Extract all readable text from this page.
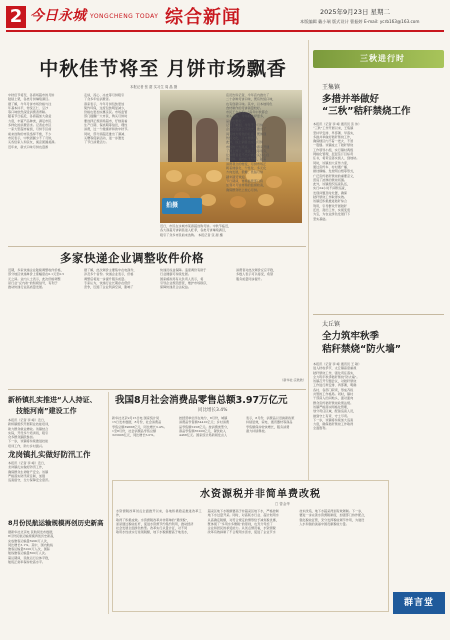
2 今日永城 YONGCHENG TODAY 综合新闻	2025年9月23日 星期二
本版编辑 戴小瑞 版式设计 曹振婷 E-mail: ycrb163@163.com
中秋佳节将至 月饼市场飘香
本报记者 张 甜 实习生 周 晶 摄
中秋佳节将至，各商场超市的月饼
陆续上架，各类月饼琳琅满目。
据了解，今年月饼市场价格与往
年基本持平，传统五仁、豆沙
等口味依然深受消费者青睐。
随着节日临近，各商超加大备货
力度，丰富产品种类，满足市民
多样化的消费需求。记者在市区
一家大型超市看到，月饼专区前
前来选购的市民络绎不绝，不少
市民表示，中秋团圆少不了月饼，
买些给家人和亲友，寓意团圆美满。
近年来，新式口味月饼也逐渐
走俏，流心、冰皮等月饼吸引
了众多年轻消费者。
商家表示，今年月饼包装更加
简约环保，过度包装明显减少，
价格也更加实惠亲民。市场监管
部门提醒广大市民，购买月饼时
要选择正规商场超市，仔细查看
生产日期、保质期等信息，理性
消费，过一个健康祥和的中秋节。
同时，部分商超还推出了满减、
买赠等促销活动，进一步激发
了节日消费活力。
拍摄
店员告诉记者，今年店内推出了
二十余种月饼口味，既有传统口味，
也有创新口味。其中，以本地特色
食材制作的月饼销量较好。
市民王女士说：“每年中秋都会
来买月饼，今年的选择更多，
品质也更好。”
记者了解到，今年不少月饼
企业在包装上下功夫，推出了
具有地方特色的礼盒，既体现
传统文化，又方便携带。
此外，线上销售也成为月饼
市场的一大亮点。不少商家开通
了网上预订、送货上门等服务，
让消费者足不出户就能买到心仪
的月饼。业内人士分析，随着
消费观念的转变，月饼市场正
朝着健康化、个性化、多元化
方向发展，低糖、低脂月饼
越来越受欢迎。
节日期间，市场监管部门将
加强对月饼市场的监督检查，
确保群众吃上放心月饼。
近日，市民在永城市某商超选购月饼。中秋节临近，
各大商超月饼销售进入旺季，各类月饼琳琅满目，
吸引了众多市民前来选购。 本报记者 张 甜 摄
三秋进行时
王集镇
多措并举做好
“三秋”秸秆禁烧工作
本报讯（记者 李 峰 通讯员 张 伟）
“三秋”工作开展以来，王集镇
坚持早安排、早部署、早落实，
多措并举做好秸秆禁烧工作，
确保辖区内不着一把火、不冒
一股烟。该镇成立了秸秆禁烧
工作领导小组，实行镇村两级
网格化管理，层层签订目标责
任书，将责任落实到人、到地块。
同时，该镇加大宣传力度，
通过宣传车、村村通广播、
悬挂横幅、发放明白纸等形式，
广泛宣传秸秆禁烧的重要意义，
营造了浓厚的禁烧氛围。
此外，该镇组织巡查队伍，
实行24小时不间断巡查，
发现问题及时处置，确保
秸秆禁烧工作取得实效。
该镇还积极推进秸秆综合
利用，引导群众开展秸秆
还田、离田工作，实现变废
为宝，为农业绿色发展打下
坚实基础。
太丘镇
全力筑牢秋季
秸秆禁烧“防火墙”
本报讯（记者 李 峰 通讯员 王 敏）
进入秋收季节，太丘镇高度重视
秸秆禁烧工作，强化责任落实，
全力筑牢秋季秸秆禁烧“防火墙”。
该镇召开专题会议，对秸秆禁烧
工作进行再安排、再部署，明确
各村、各部门职责，形成齐抓
共管的工作格局。同时，镇村
干部深入田间地头，面对面向
群众宣传秸秆禁烧政策法规。
该镇严格落实网格化管理，
划分责任区域，配备巡查人员，
做到守土有责、守土尽责。
下一步，该镇将持续加大巡查
力度，确保秸秆禁烧工作取得
全面胜利。
群言堂
多家快递企业调整收件价格
近期，多家快递企业陆续调整收件价格，
部分地区快递单价上涨幅度在0.1元至0.5
元之间。业内人士表示，此次价格调整
是行业“反内卷”的积极信号，有利于
推动快递行业高质量发展。
据了解，此次调价主要集中在电商件，
涉及多个省份。快递企业表示，价格
调整后将进一步提升服务质量。
专家认为，快递行业长期存在低价
竞争，压缩了企业利润空间，影响了
快递员权益保障。适度调价有助于
行业健康可持续发展。
国家邮政局有关负责人表示，将
引导企业规范经营，维护市场秩序，
保障快递员合法权益。
消费者对此次调价反应平稳，
多数人表示可以接受，希望
服务质量同步提升。
（新华社·宗欣欣）
新桥镇扎实推进“人人持证、
技能河南”建设工作
本报讯（记者 李 峰）近日，
新桥镇组织开展职业技能培训，
助力群众就业增收。该镇结合
实际，开设多个培训班，吸引
众多群众踊跃参加。
下一步，该镇将持续推进技能
培训工作，助力乡村振兴。
龙岗镇扎实做好防汛工作
本报讯（记者 李 峰）近日，
龙岗镇扎实做好防汛工作，
确保群众生命财产安全。该镇
严格落实防汛责任制，加强
巡查值守，全力保障安全度汛。
8月份民航运输规模再创历史新高
据新华社北京电 民航局发布数据，
8月份民航运输规模再创历史新高，
完成旅客运输量6900万人次，
同比增长3.1%。其中，国内航线
旅客运输量6100万人次，国际
航线旅客运输量800万人次。
暑运期间，民航运行总体平稳，
航班正常率保持较高水平。
我国8月社会消费品零售总额3.97万亿元
同比增长3.4%
新华社北京9月15日电 国家统计局
15日发布数据，8月份，社会消费品
零售总额39668亿元，同比增长3.4%。
1至8月份，社会消费品零售总额
323906亿元，同比增长5.0%。
按经营单位所在地分，8月份，城镇
消费品零售额34410亿元；乡村消费
品零售额5258亿元。按消费类型分，
商品零售额35200亿元，餐饮收入
4468亿元。国家统计局新闻发言人
表示，8月份，消费品以旧换新政策
持续显效，家电、通讯器材等商品
零售额保持较快增长，服务消费
潜力持续释放。
水资源税并非简单费改税
□ 曾金华
水资源税改革试点全面推开以来，各地积极稳妥推进改革工作，
取得了积极成效。水资源税改革并非简单的“费改税”，
而是通过税收杠杆，促进水资源节约集约利用，推动经济
社会发展全面绿色转型。改革实行从量计征，对不同
取用水性质实行差别税额，地下水税额要高于地表水，
超采区地下水税额要高于非超采区地下水，严格控制
地下水过量开采。同时，对高耗水行业、超计划用水
从高确定税额，对符合规定的情形给予减免税优惠，
既体现了“多用水多缴税”的原则，也充分考虑了
企业和居民的承受能力。从试点情况看，水资源税
改革有效抑制了不合理用水需求，促进了企业节水
技术改造，地下水超采得到有效遏制。下一步，
要进一步完善水资源税制度，加强部门协作配合，
强化税收征管，充分发挥税收调节作用，为建设
人水和谐的美丽中国贡献税收力量。
